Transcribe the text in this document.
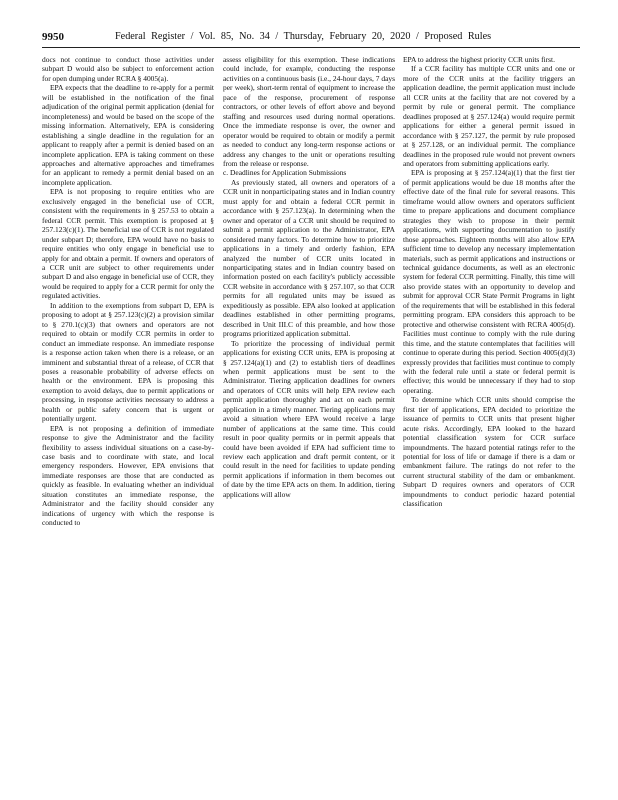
9950	Federal Register / Vol. 85, No. 34 / Thursday, February 20, 2020 / Proposed Rules

docs not continue to conduct those activities under subpart D would also be subject to enforcement action for open dumping under RCRA § 4005(a).

EPA expects that the deadline to re-apply for a permit will be established in the notification of the final adjudication of the original permit application (denial for incompleteness) and would be based on the scope of the missing information. Alternatively, EPA is considering establishing a single deadline in the regulation for an applicant to reapply after a permit is denied based on an incomplete application. EPA is taking comment on these approaches and alternative approaches and timeframes for an applicant to remedy a permit denial based on an incomplete application.

EPA is not proposing to require entities who are exclusively engaged in the beneficial use of CCR, consistent with the requirements in § 257.53 to obtain a federal CCR permit. This exemption is proposed at § 257.123(c)(1). The beneficial use of CCR is not regulated under subpart D; therefore, EPA would have no basis to require entities who only engage in beneficial use to apply for and obtain a permit. If owners and operators of a CCR unit are subject to other requirements under subpart D and also engage in beneficial use of CCR, they would be required to apply for a CCR permit for only the regulated activities.

In addition to the exemptions from subpart D, EPA is proposing to adopt at § 257.123(c)(2) a provision similar to § 270.1(c)(3) that owners and operators are not required to obtain or modify CCR permits in order to conduct an immediate response. An immediate response is a response action taken when there is a release, or an imminent and substantial threat of a release, of CCR that poses a reasonable probability of adverse effects on health or the environment. EPA is proposing this exemption to avoid delays, due to permit applications or processing, in response activities necessary to address a health or public safety concern that is urgent or potentially urgent.

EPA is not proposing a definition of immediate response to give the Administrator and the facility flexibility to assess individual situations on a case-by-case basis and to coordinate with state, and local emergency responders. However, EPA envisions that immediate responses are those that are conducted as quickly as feasible. In evaluating whether an individual situation constitutes an immediate response, the Administrator and the facility should consider any indications of urgency with which the response is conducted to

assess eligibility for this exemption. These indications could include, for example, conducting the response activities on a continuous basis (i.e., 24-hour days, 7 days per week), short-term rental of equipment to increase the pace of the response, procurement of response contractors, or other levels of effort above and beyond staffing and resources used during normal operations. Once the immediate response is over, the owner and operator would be required to obtain or modify a permit as needed to conduct any long-term response actions or address any changes to the unit or operations resulting from the release or response.

c. Deadlines for Application Submissions

As previously stated, all owners and operators of a CCR unit in nonparticipating states and in Indian country must apply for and obtain a federal CCR permit in accordance with § 257.123(a). In determining when the owner and operator of a CCR unit should be required to submit a permit application to the Administrator, EPA considered many factors. To determine how to prioritize applications in a timely and orderly fashion, EPA analyzed the number of CCR units located in nonparticipating states and in Indian country based on information posted on each facility's publicly accessible CCR website in accordance with § 257.107, so that CCR permits for all regulated units may be issued as expeditiously as possible. EPA also looked at application deadlines established in other permitting programs, described in Unit III.C of this preamble, and how those programs prioritized application submittal.

To prioritize the processing of individual permit applications for existing CCR units, EPA is proposing at § 257.124(a)(1) and (2) to establish tiers of deadlines when permit applications must be sent to the Administrator. Tiering application deadlines for owners and operators of CCR units will help EPA review each permit application thoroughly and act on each permit application in a timely manner. Tiering applications may avoid a situation where EPA would receive a large number of applications at the same time. This could result in poor quality permits or in permit appeals that could have been avoided if EPA had sufficient time to review each application and draft permit content, or it could result in the need for facilities to update pending permit applications if information in them becomes out of date by the time EPA acts on them. In addition, tiering applications will allow

EPA to address the highest priority CCR units first.

If a CCR facility has multiple CCR units and one or more of the CCR units at the facility triggers an application deadline, the permit application must include all CCR units at the facility that are not covered by a permit by rule or general permit. The compliance deadlines proposed at § 257.124(a) would require permit applications for either a general permit issued in accordance with § 257.127, the permit by rule proposed at § 257.128, or an individual permit. The compliance deadlines in the proposed rule would not prevent owners and operators from submitting applications early.

EPA is proposing at § 257.124(a)(1) that the first tier of permit applications would be due 18 months after the effective date of the final rule for several reasons. This timeframe would allow owners and operators sufficient time to prepare applications and document compliance strategies they wish to propose in their permit applications, with supporting documentation to justify those approaches. Eighteen months will also allow EPA sufficient time to develop any necessary implementation materials, such as permit applications and instructions or technical guidance documents, as well as an electronic system for federal CCR permitting. Finally, this time will also provide states with an opportunity to develop and submit for approval CCR State Permit Programs in light of the requirements that will be established in this federal permitting program. EPA considers this approach to be protective and otherwise consistent with RCRA 4005(d). Facilities must continue to comply with the rule during this time, and the statute contemplates that facilities will continue to operate during this period. Section 4005(d)(3) expressly provides that facilities must continue to comply with the federal rule until a state or federal permit is effective; this would be unnecessary if they had to stop operating.

To determine which CCR units should comprise the first tier of applications, EPA decided to prioritize the issuance of permits to CCR units that present higher acute risks. Accordingly, EPA looked to the hazard potential classification system for CCR surface impoundments. The hazard potential ratings refer to the potential for loss of life or damage if there is a dam or embankment failure. The ratings do not refer to the current structural stability of the dam or embankment. Subpart D requires owners and operators of CCR impoundments to conduct periodic hazard potential classification
